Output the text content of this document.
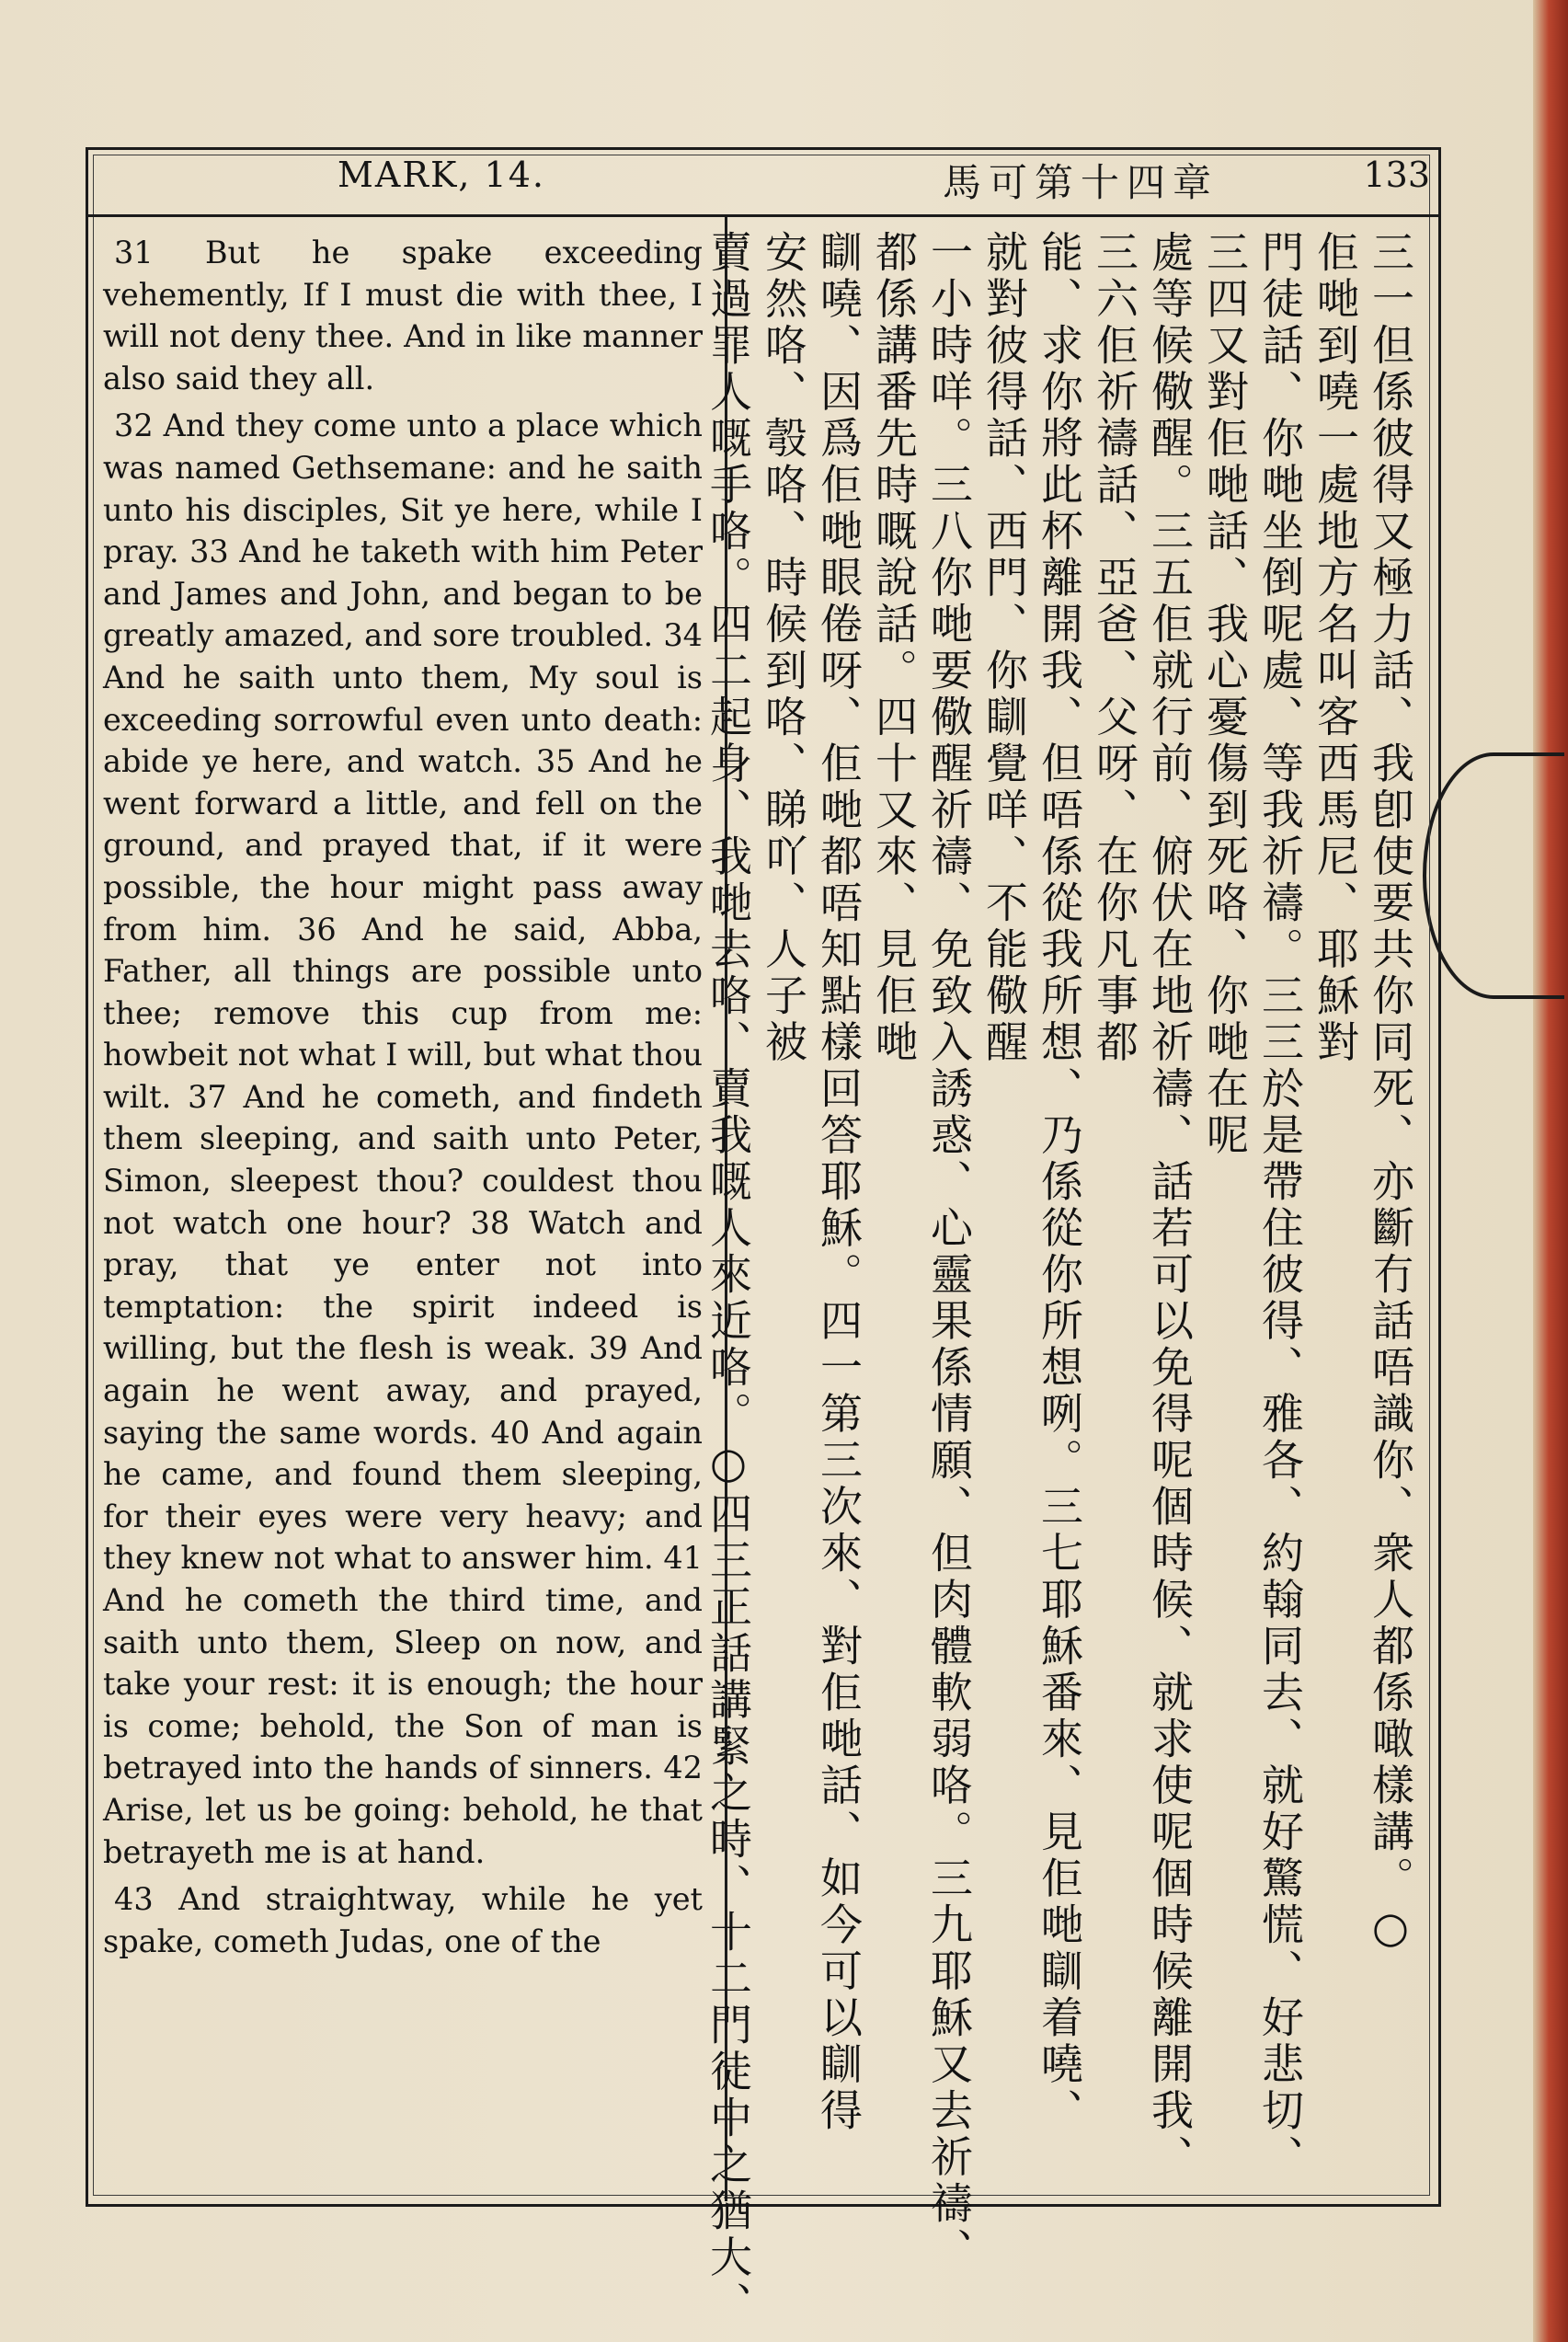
MARK, 14.	馬可第十四章	133

31 But he spake exceeding vehemently, If I must die with thee, I will not deny thee. And in like manner also said they all.

32 And they come unto a place which was named Gethsemane: and he saith unto his disciples, Sit ye here, while I pray. 33 And he taketh with him Peter and James and John, and began to be greatly amazed, and sore troubled. 34 And he saith unto them, My soul is exceeding sorrowful even unto death: abide ye here, and watch. 35 And he went forward a little, and fell on the ground, and prayed that, if it were possible, the hour might pass away from him. 36 And he said, Abba, Father, all things are possible unto thee; remove this cup from me: howbeit not what I will, but what thou wilt. 37 And he cometh, and findeth them sleeping, and saith unto Peter, Simon, sleepest thou? couldest thou not watch one hour? 38 Watch and pray, that ye enter not into temptation: the spirit indeed is willing, but the flesh is weak. 39 And again he went away, and prayed, saying the same words. 40 And again he came, and found them sleeping, for their eyes were very heavy; and they knew not what to answer him. 41 And he cometh the third time, and saith unto them, Sleep on now, and take your rest: it is enough; the hour is come; behold, the Son of man is betrayed into the hands of sinners. 42 Arise, let us be going: behold, he that betrayeth me is at hand.

43 And straightway, while he yet spake, cometh Judas, one of the	三一但係彼得又極力話、我卽使要共你同死、亦斷冇話唔識你、衆人都係噉樣講。○
佢哋到嘵一處地方名叫客西馬尼、耶穌對
門徒話、你哋坐倒呢處、等我祈禱。三三於是帶住彼得、雅各、約翰同去、就好驚慌、好悲切、
三四又對佢哋話、我心憂傷到死咯、你哋在呢
處等候儆醒。三五佢就行前、俯伏在地祈禱、話若可以免得呢個時候、就求使呢個時候離開我、
三六佢祈禱話、亞爸、父呀、在你凡事都
能、求你將此杯離開我、但唔係從我所想、乃係從你所想咧。三七耶穌番來、見佢哋瞓着嘵、
就對彼得話、西門、你瞓覺咩、不能儆醒
一小時咩。三八你哋要儆醒祈禱、免致入誘惑、心靈果係情願、但肉體軟弱咯。三九耶穌又去祈禱、
都係講番先時嘅說話。四十又來、見佢哋
瞓嘵、因爲佢哋眼倦呀、佢哋都唔知點樣回答耶穌。四一第三次來、對佢哋話、如今可以瞓得
安然咯、彀咯、時候到咯、睇吖、人子被
賣過罪人嘅手咯。四二起身、我哋去咯、賣我嘅人來近咯。○四三正話講緊之時、十二門徒中之猶大、
